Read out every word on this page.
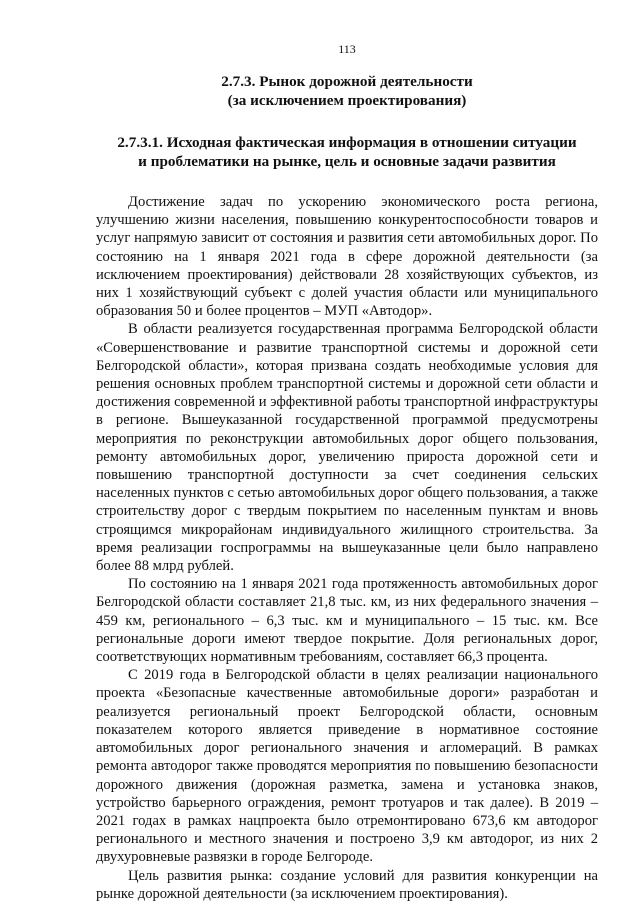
113
2.7.3. Рынок дорожной деятельности
(за исключением проектирования)
2.7.3.1. Исходная фактическая информация в отношении ситуации
и проблематики на рынке, цель и основные задачи развития

Достижение задач по ускорению экономического роста региона, улучшению жизни населения, повышению конкурентоспособности товаров и услуг напрямую зависит от состояния и развития сети автомобильных дорог. По состоянию на 1 января 2021 года в сфере дорожной деятельности (за исключением проектирования) действовали 28 хозяйствующих субъектов, из них 1 хозяйствующий субъект с долей участия области или муниципального образования 50 и более процентов – МУП «Автодор».

В области реализуется государственная программа Белгородской области «Совершенствование и развитие транспортной системы и дорожной сети Белгородской области», которая призвана создать необходимые условия для решения основных проблем транспортной системы и дорожной сети области и достижения современной и эффективной работы транспортной инфраструктуры в регионе. Вышеуказанной государственной программой предусмотрены мероприятия по реконструкции автомобильных дорог общего пользования, ремонту автомобильных дорог, увеличению прироста дорожной сети и повышению транспортной доступности за счет соединения сельских населенных пунктов с сетью автомобильных дорог общего пользования, а также строительству дорог с твердым покрытием по населенным пунктам и вновь строящимся микрорайонам индивидуального жилищного строительства. За время реализации госпрограммы на вышеуказанные цели было направлено более 88 млрд рублей.

По состоянию на 1 января 2021 года протяженность автомобильных дорог Белгородской области составляет 21,8 тыс. км, из них федерального значения – 459 км, регионального – 6,3 тыс. км и муниципального – 15 тыс. км. Все региональные дороги имеют твердое покрытие. Доля региональных дорог, соответствующих нормативным требованиям, составляет 66,3 процента.

С 2019 года в Белгородской области в целях реализации национального проекта «Безопасные качественные автомобильные дороги» разработан и реализуется региональный проект Белгородской области, основным показателем которого является приведение в нормативное состояние автомобильных дорог регионального значения и агломераций. В рамках ремонта автодорог также проводятся мероприятия по повышению безопасности дорожного движения (дорожная разметка, замена и установка знаков, устройство барьерного ограждения, ремонт тротуаров и так далее). В 2019 – 2021 годах в рамках нацпроекта было отремонтировано 673,6 км автодорог регионального и местного значения и построено 3,9 км автодорог, из них 2 двухуровневые развязки в городе Белгороде.

Цель развития рынка: создание условий для развития конкуренции на рынке дорожной деятельности (за исключением проектирования).
